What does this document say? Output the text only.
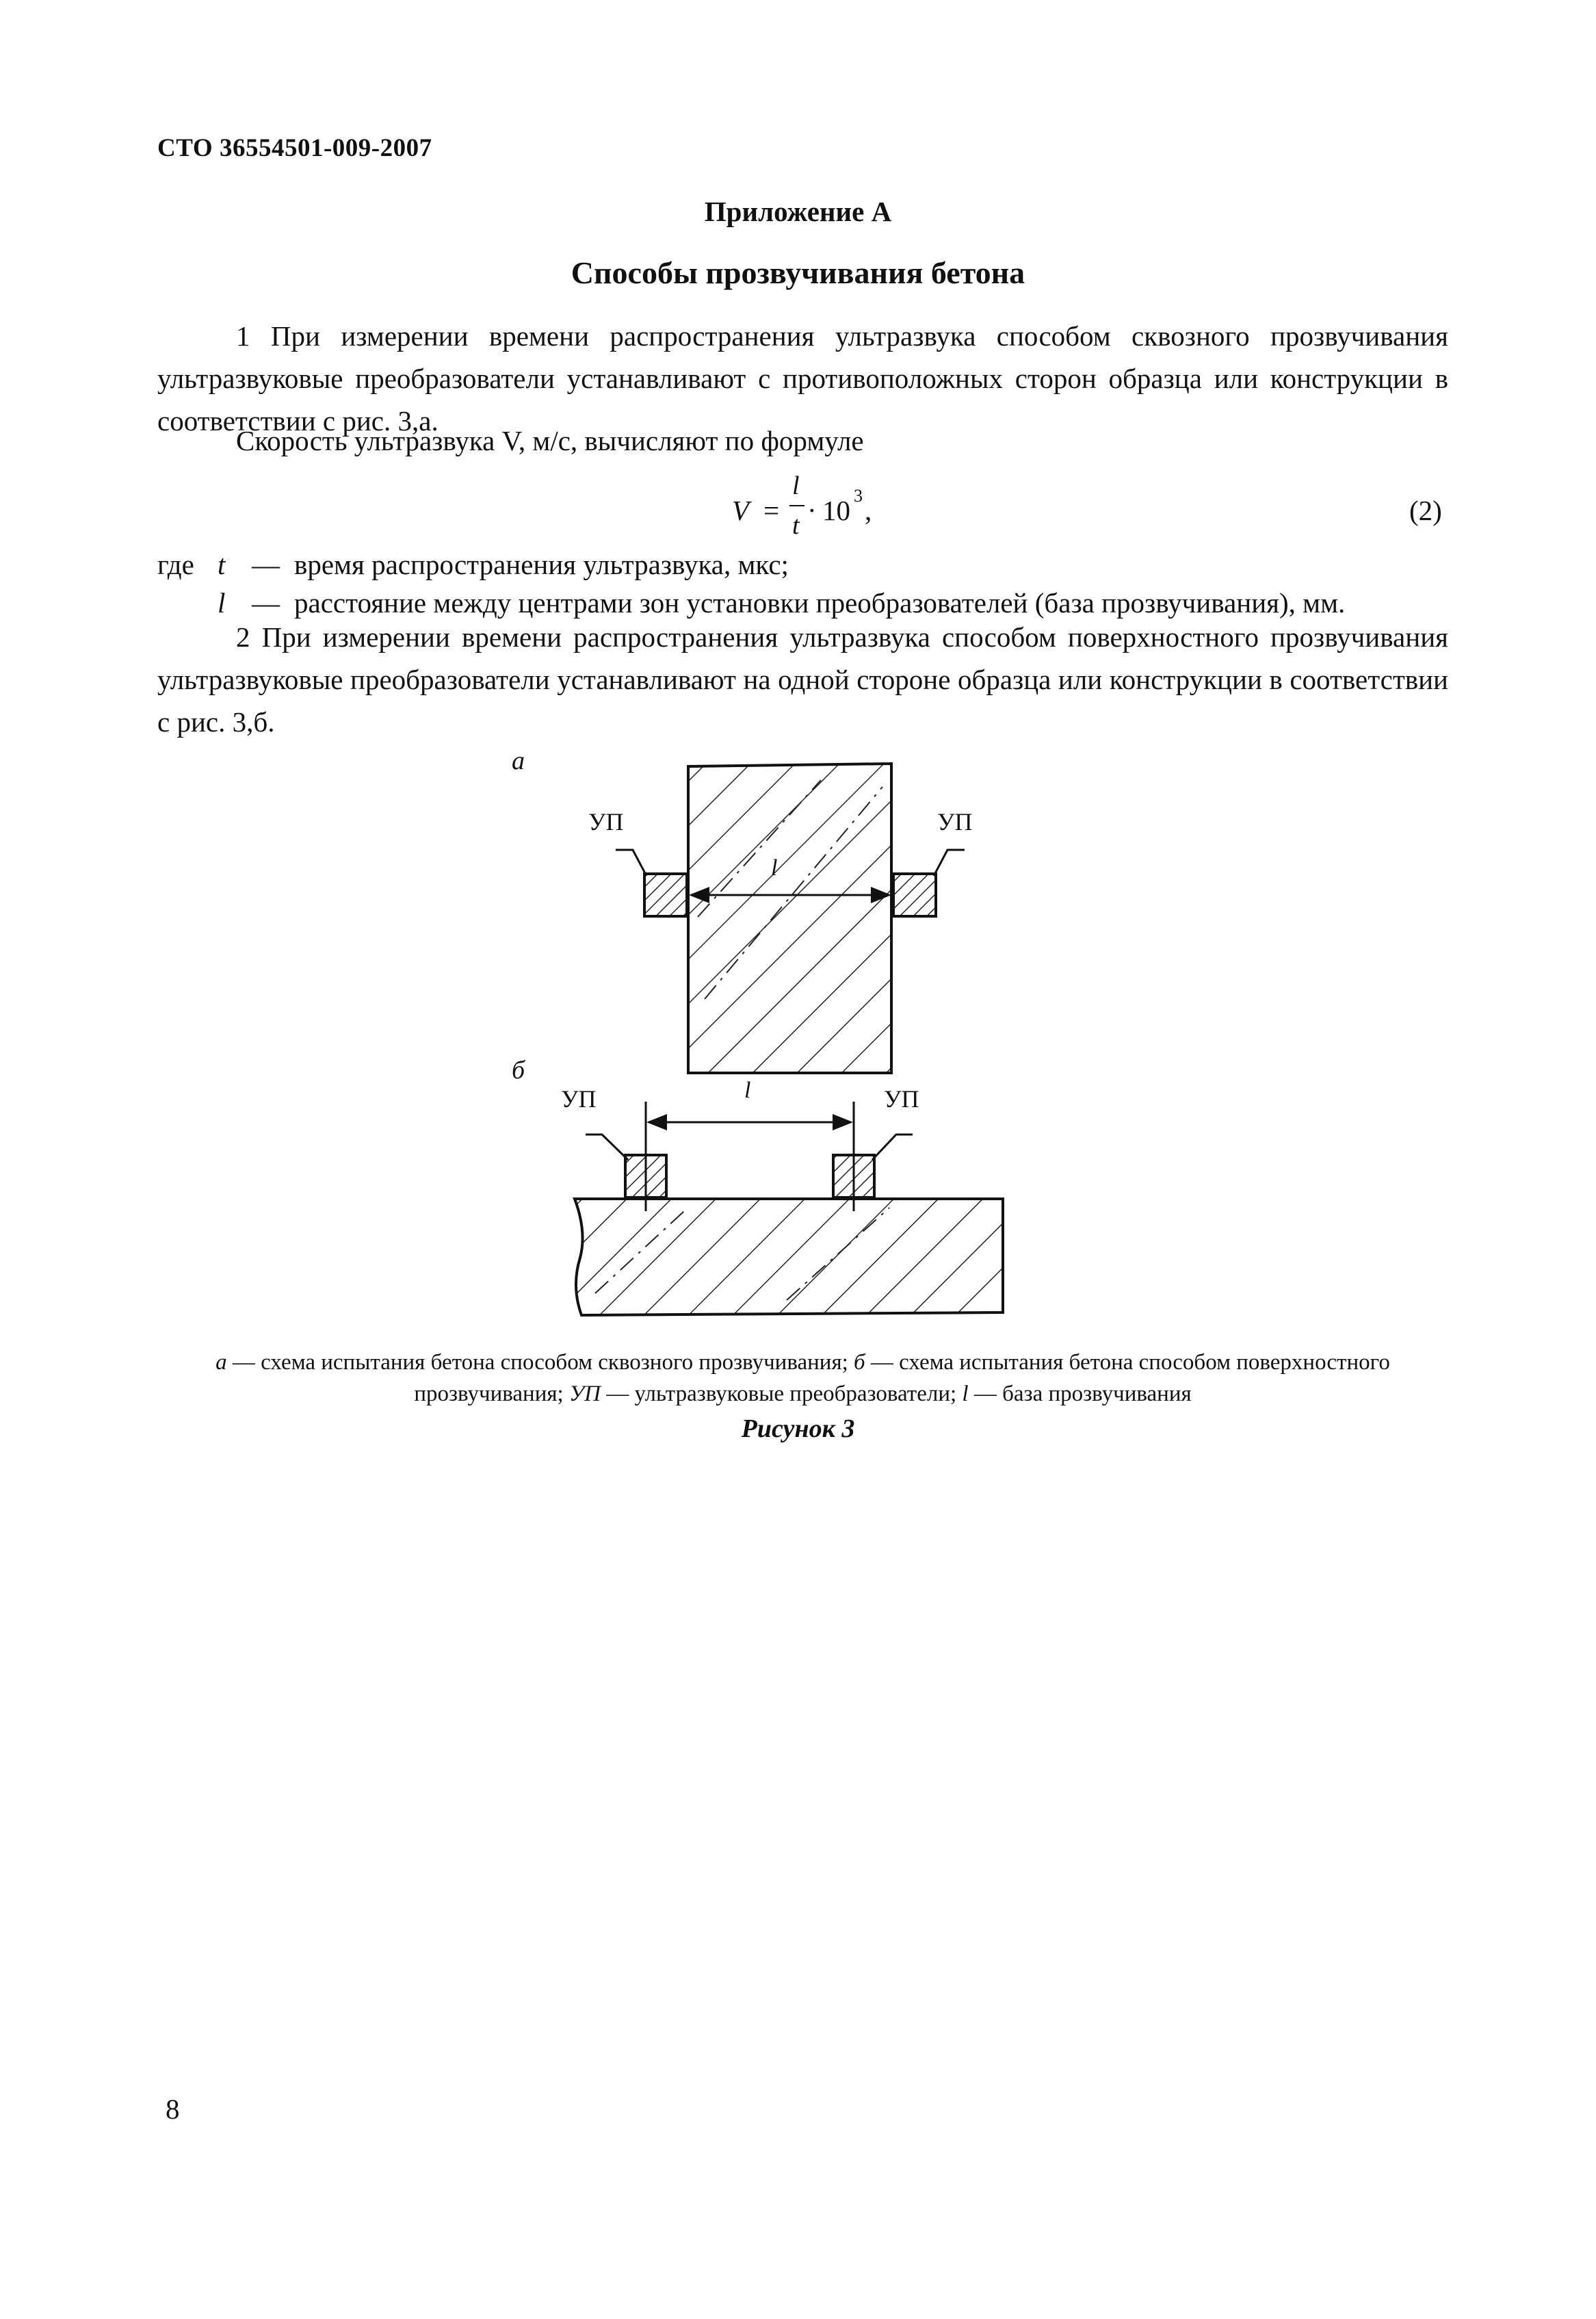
СТО 36554501-009-2007
Приложение А
Способы прозвучивания бетона
1 При измерении времени распространения ультразвука способом сквозного прозвучивания ультразвуковые преобразователи устанавливают с противоположных сторон образца или конструкции в соответствии с рис. 3,а.
Скорость ультразвука V, м/с, вычисляют по формуле
V =
l
t · 10 3 ,	(2)
где t — время распространения ультразвука, мкс;
l — расстояние между центрами зон установки преобразователей (база прозвучивания), мм.
2 При измерении времени распространения ультразвука способом поверхностного прозвучивания ультразвуковые преобразователи устанавливают на одной стороне образца или конструкции в соответствии с рис. 3,б.
а
б
УП	УП
УП	УП
l
l
а — схема испытания бетона способом сквозного прозвучивания; б — схема испытания бетона способом поверхностного прозвучивания; УП — ультразвуковые преобразователи; l — база прозвучивания
Рисунок 3
8
